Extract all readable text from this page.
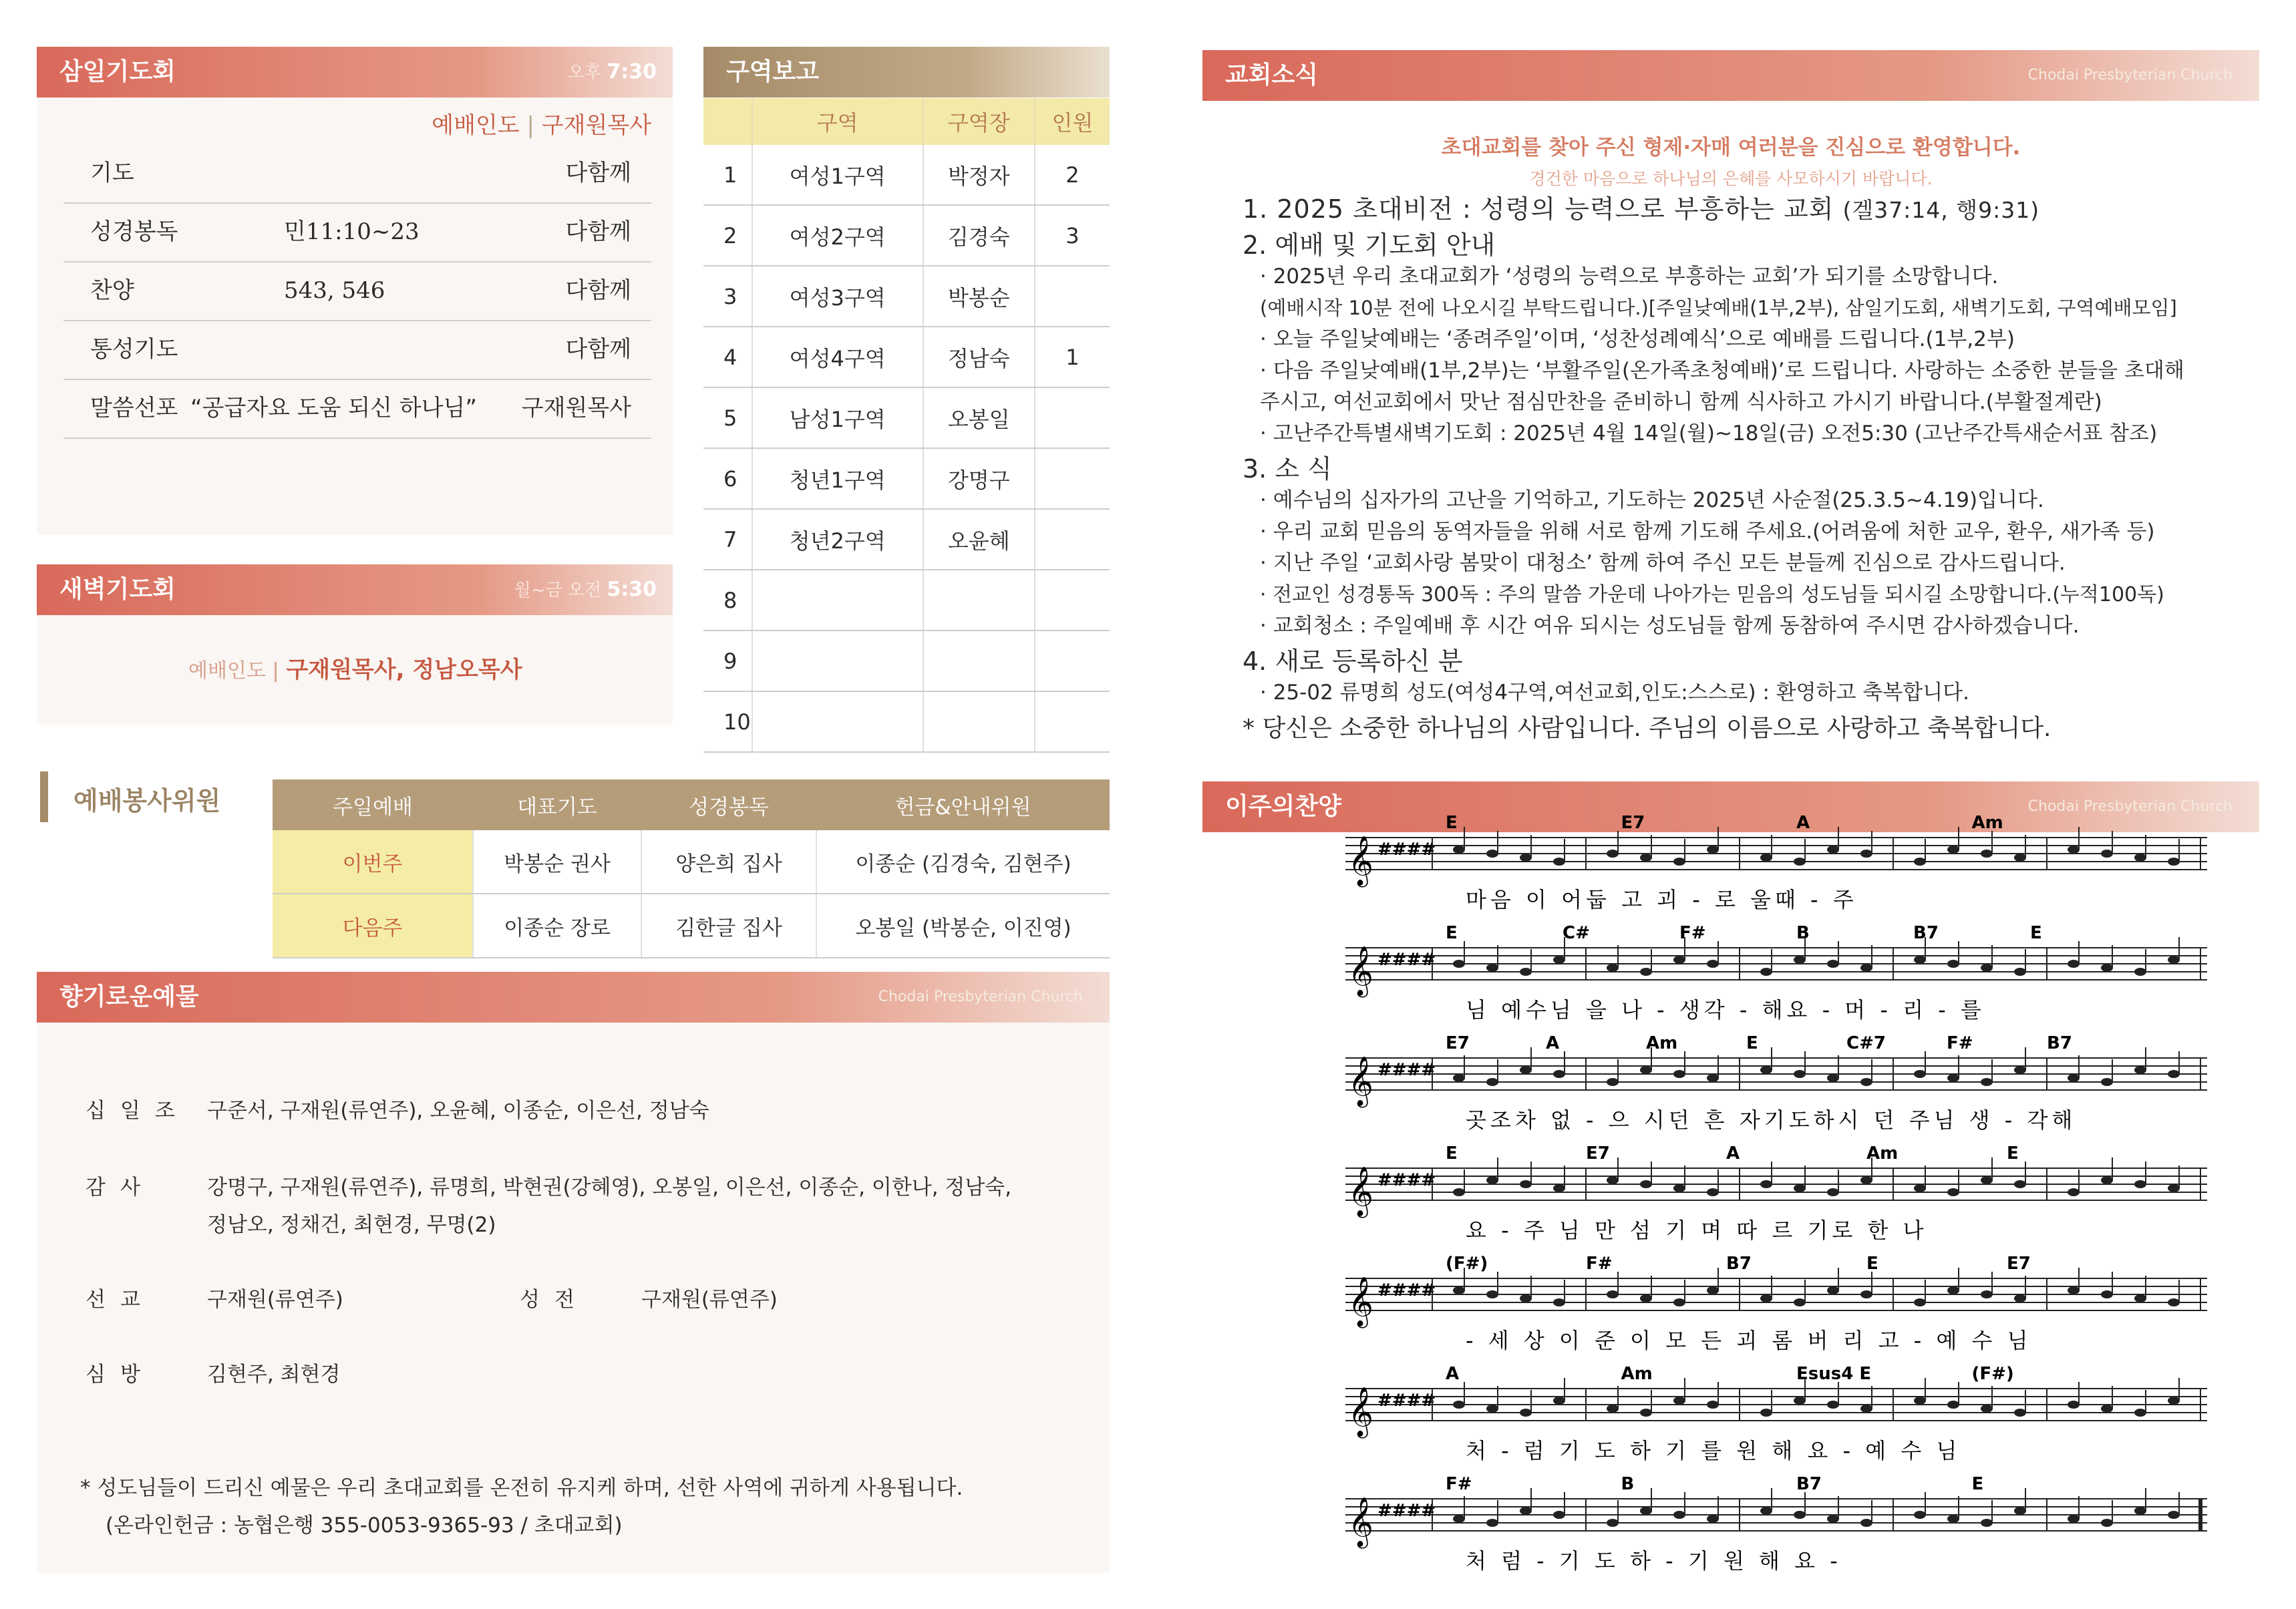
삼일기도회	오후 7:30
예배인도 | 구재원목사
기도	다함께
성경봉독	민11:10~23	다함께
찬양	543, 546	다함께
통성기도	다함께
말씀선포 “공급자요 도움 되신 하나님” 구재원목사
새벽기도회	월~금 오전 5:30
예배인도 | 구재원목사, 정남오목사
구역보고
	구역	구역장	인원
1	여성1구역	박정자	2
2	여성2구역	김경숙	3
3	여성3구역	박봉순	
4	여성4구역	정남숙	1
5	남성1구역	오봉일	
6	청년1구역	강명구	
7	청년2구역	오윤혜	
8			
9			
10			
예배봉사위원	주일예배	대표기도	성경봉독	헌금&안내위원
이번주	박봉순 권사	양은희 집사	이종순 (김경숙, 김현주)
다음주	이종순 장로	김한글 집사	오봉일 (박봉순, 이진영)
향기로운예물	Chodai Presbyterian Church
십일조 구준서, 구재원(류연주), 오윤혜, 이종순, 이은선, 정남숙
감사	강명구, 구재원(류연주), 류명희, 박현권(강혜영), 오봉일, 이은선, 이종순, 이한나, 정남숙,
정남오, 정채건, 최현경, 무명(2)
선교	구재원(류연주)	성전	구재원(류연주)
심방	김현주, 최현경
* 성도님들이 드리신 예물은 우리 초대교회를 온전히 유지케 하며, 선한 사역에 귀하게 사용됩니다.
(온라인헌금 : 농협은행 355-0053-9365-93 / 초대교회)
교회소식	Chodai Presbyterian Church
초대교회를 찾아 주신 형제·자매 여러분을 진심으로 환영합니다.
경건한 마음으로 하나님의 은혜를 사모하시기 바랍니다.
1. 2025 초대비전 : 성령의 능력으로 부흥하는 교회 (겔37:14, 행9:31)
2. 예배 및 기도회 안내
· 2025년 우리 초대교회가 ‘성령의 능력으로 부흥하는 교회’가 되기를 소망합니다.
(예배시작 10분 전에 나오시길 부탁드립니다.)[주일낮예배(1부,2부), 삼일기도회, 새벽기도회, 구역예배모임]
· 오늘 주일낮예배는 ‘종려주일’이며, ‘성찬성례예식’으로 예배를 드립니다.(1부,2부)
· 다음 주일낮예배(1부,2부)는 ‘부활주일(온가족초청예배)’로 드립니다. 사랑하는 소중한 분들을 초대해
주시고, 여선교회에서 맛난 점심만찬을 준비하니 함께 식사하고 가시기 바랍니다.(부활절계란)
· 고난주간특별새벽기도회 : 2025년 4월 14일(월)~18일(금) 오전5:30 (고난주간특새순서표 참조)
3. 소 식
· 예수님의 십자가의 고난을 기억하고, 기도하는 2025년 사순절(25.3.5~4.19)입니다.
· 우리 교회 믿음의 동역자들을 위해 서로 함께 기도해 주세요.(어려움에 처한 교우, 환우, 새가족 등)
· 지난 주일 ‘교회사랑 봄맞이 대청소’ 함께 하여 주신 모든 분들께 진심으로 감사드립니다.
· 전교인 성경통독 300독 : 주의 말씀 가운데 나아가는 믿음의 성도님들 되시길 소망합니다.(누적100독)
· 교회청소 : 주일예배 후 시간 여유 되시는 성도님들 함께 동참하여 주시면 감사하겠습니다.
4. 새로 등록하신 분
· 25-02 류명희 성도(여성4구역,여선교회,인도:스스로) : 환영하고 축복합니다.
* 당신은 소중한 하나님의 사람입니다. 주님의 이름으로 사랑하고 축복합니다.
이주의찬양	Chodai Presbyterian Church
E	E7	A	Am
𝄞 ####
마음 이 어둡 고 괴 - 로 울때 - 주
E	C#	F#	B	B7	E
𝄞 ####
님 예수님 을 나 - 생각 - 해요 - 머 - 리 - 를
E7	A	Am	E	C#7	F#	B7
𝄞 ####
곳조차 없 - 으 시던 흔 자기도하시 던 주님 생 - 각해
E	E7	A	Am	E
𝄞 ####
요 - 주 님 만 섬 기 며 따 르 기로 한 나
(F#)	F#	B7	E	E7
𝄞 ####
- 세 상 이 준 이 모 든 괴 롬 버 리 고 - 예 수 님
A	Am	Esus4 E	(F#)
𝄞 ####
처 - 럼 기 도 하 기 를 원 해 요 - 예 수 님
F#	B	B7	E
𝄞 ####
처 럼 - 기 도 하 - 기 원 해 요 -
